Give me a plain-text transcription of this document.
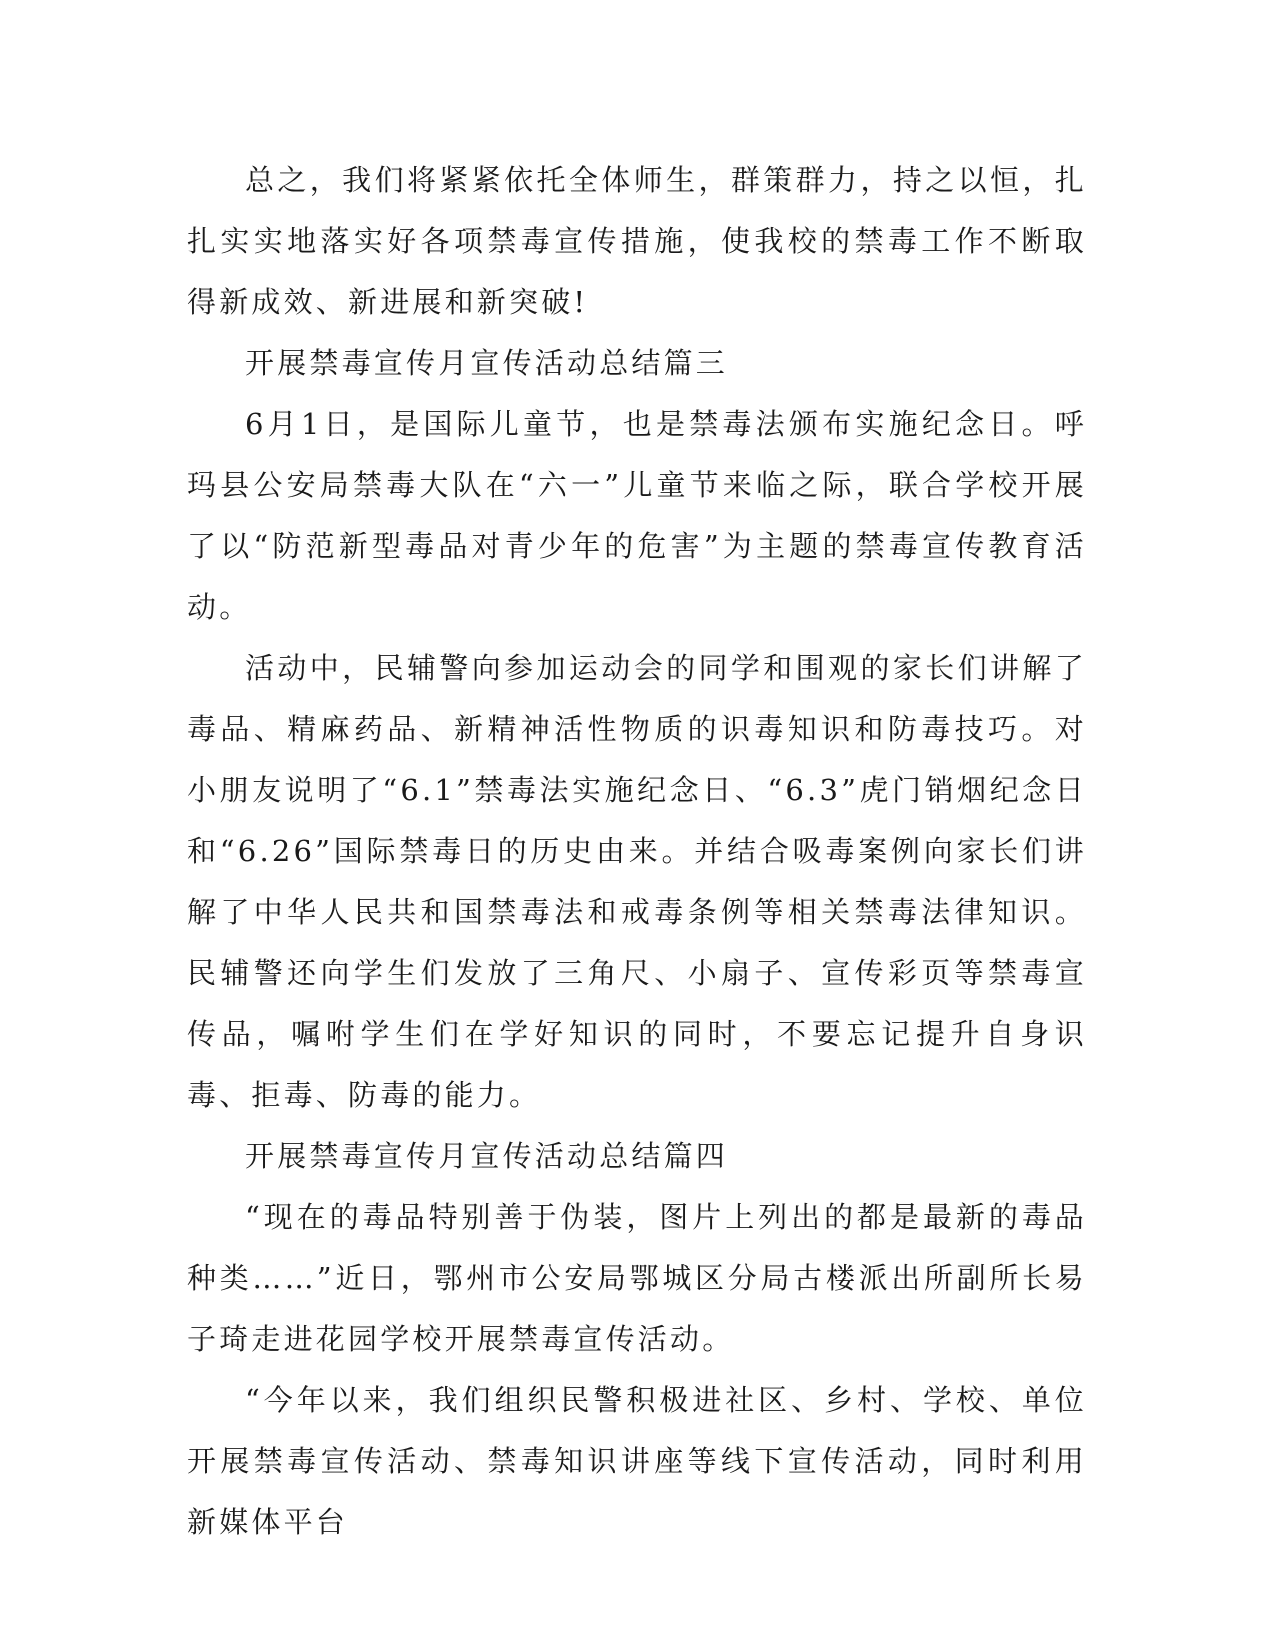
总之，我们将紧紧依托全体师生，群策群力，持之以恒，扎扎实实地落实好各项禁毒宣传措施，使我校的禁毒工作不断取得新成效、新进展和新突破!

开展禁毒宣传月宣传活动总结篇三

6月1日，是国际儿童节，也是禁毒法颁布实施纪念日。呼玛县公安局禁毒大队在“六一”儿童节来临之际，联合学校开展了以“防范新型毒品对青少年的危害”为主题的禁毒宣传教育活动。

活动中，民辅警向参加运动会的同学和围观的家长们讲解了毒品、精麻药品、新精神活性物质的识毒知识和防毒技巧。对小朋友说明了“6.1”禁毒法实施纪念日、“6.3”虎门销烟纪念日和“6.26”国际禁毒日的历史由来。并结合吸毒案例向家长们讲解了中华人民共和国禁毒法和戒毒条例等相关禁毒法律知识。民辅警还向学生们发放了三角尺、小扇子、宣传彩页等禁毒宣传品，嘱咐学生们在学好知识的同时，不要忘记提升自身识毒、拒毒、防毒的能力。

开展禁毒宣传月宣传活动总结篇四

“现在的毒品特别善于伪装，图片上列出的都是最新的毒品种类……”近日，鄂州市公安局鄂城区分局古楼派出所副所长易子琦走进花园学校开展禁毒宣传活动。

“今年以来，我们组织民警积极进社区、乡村、学校、单位开展禁毒宣传活动、禁毒知识讲座等线下宣传活动，同时利用新媒体平台
